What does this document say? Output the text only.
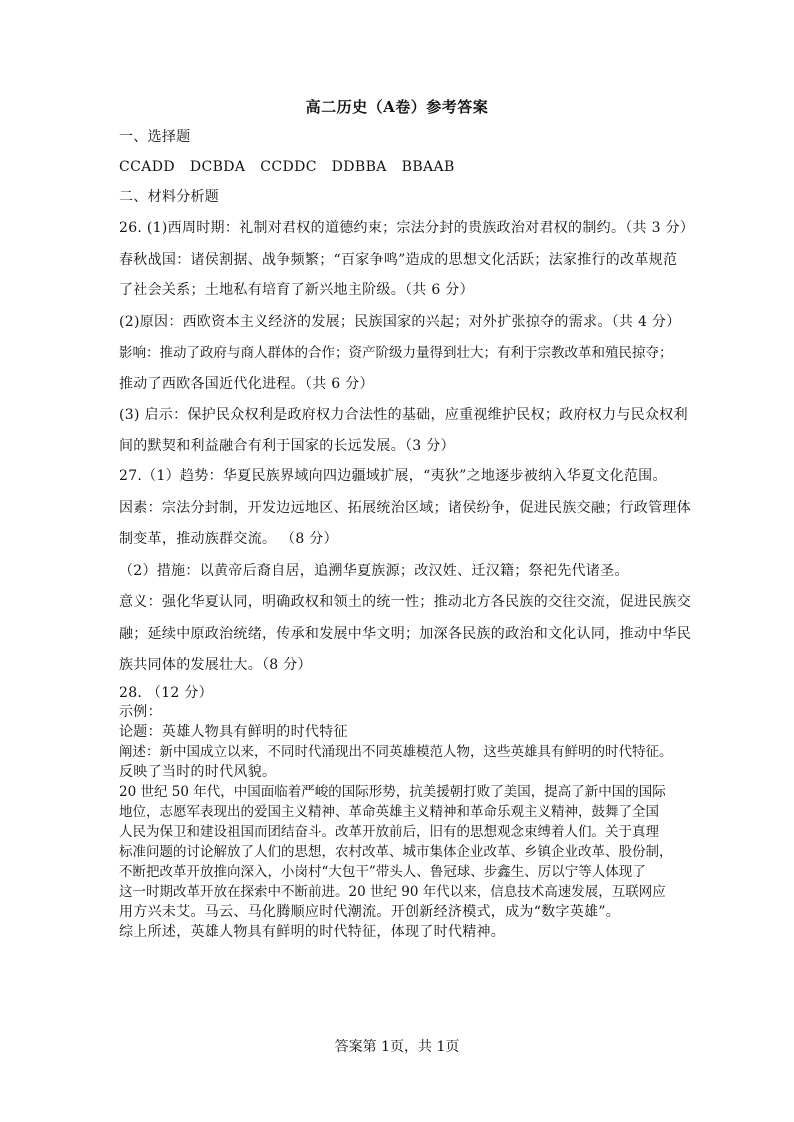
高二历史（A卷）参考答案
一、选择题
CCADD DCBDA CCDDC DDBBA BBAAB
二、材料分析题
26. (1)西周时期：礼制对君权的道德约束；宗法分封的贵族政治对君权的制约。（共 3 分）
春秋战国：诸侯割据、战争频繁；“百家争鸣”造成的思想文化活跃；法家推行的改革规范
了社会关系；土地私有培育了新兴地主阶级。（共 6 分）
(2)原因：西欧资本主义经济的发展；民族国家的兴起；对外扩张掠夺的需求。（共 4 分）
影响：推动了政府与商人群体的合作；资产阶级力量得到壮大；有利于宗教改革和殖民掠夺；
推动了西欧各国近代化进程。（共 6 分）
(3) 启示：保护民众权利是政府权力合法性的基础，应重视维护民权；政府权力与民众权利
间的默契和利益融合有利于国家的长远发展。（3 分）
27.（1）趋势：华夏民族界域向四边疆域扩展，“夷狄”之地逐步被纳入华夏文化范围。
因素：宗法分封制，开发边远地区、拓展统治区域；诸侯纷争，促进民族交融；行政管理体
制变革，推动族群交流。 （8 分）
（2）措施：以黄帝后裔自居，追溯华夏族源；改汉姓、迁汉籍；祭祀先代诸圣。
意义：强化华夏认同，明确政权和领土的统一性；推动北方各民族的交往交流，促进民族交
融；延续中原政治统绪，传承和发展中华文明；加深各民族的政治和文化认同，推动中华民
族共同体的发展壮大。（8 分）
28. （12 分）
示例：
论题：英雄人物具有鲜明的时代特征
阐述：新中国成立以来，不同时代涌现出不同英雄模范人物，这些英雄具有鲜明的时代特征。
反映了当时的时代风貌。
20 世纪 50 年代，中国面临着严峻的国际形势，抗美援朝打败了美国，提高了新中国的国际
地位，志愿军表现出的爱国主义精神、革命英雄主义精神和革命乐观主义精神，鼓舞了全国
人民为保卫和建设祖国而团结奋斗。改革开放前后，旧有的思想观念束缚着人们。关于真理
标准问题的讨论解放了人们的思想，农村改革、城市集体企业改革、乡镇企业改革、股份制，
不断把改革开放推向深入，小岗村“大包干”带头人、鲁冠球、步鑫生、厉以宁等人体现了
这一时期改革开放在探索中不断前进。20 世纪 90 年代以来，信息技术高速发展，互联网应
用方兴未艾。马云、马化腾顺应时代潮流。开创新经济模式，成为“数字英雄”。
综上所述，英雄人物具有鲜明的时代特征，体现了时代精神。
答案第 1页，共 1页
